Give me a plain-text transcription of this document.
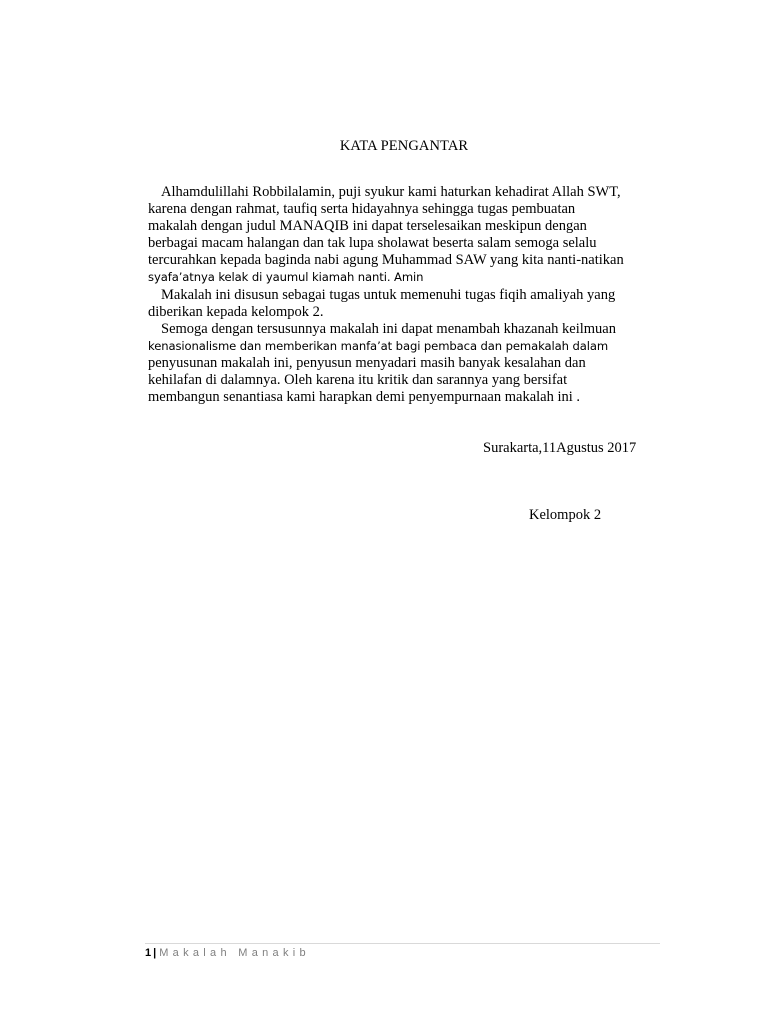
KATA PENGANTAR
Alhamdulillahi Robbilalamin, puji syukur kami haturkan kehadirat Allah SWT,
karena dengan rahmat, taufiq serta hidayahnya sehingga tugas pembuatan
makalah dengan judul MANAQIB ini dapat terselesaikan meskipun dengan
berbagai macam halangan dan tak lupa sholawat beserta salam semoga selalu
tercurahkan kepada baginda nabi agung Muhammad SAW yang kita nanti-natikan
syafa’atnya kelak di yaumul kiamah nanti. Amin
Makalah ini disusun sebagai tugas untuk memenuhi tugas fiqih amaliyah yang
diberikan kepada kelompok 2.
Semoga dengan tersusunnya makalah ini dapat menambah khazanah keilmuan
kenasionalisme dan memberikan manfa’at bagi pembaca dan pemakalah dalam
penyusunan makalah ini, penyusun menyadari masih banyak kesalahan dan
kehilafan di dalamnya. Oleh karena itu kritik dan sarannya yang bersifat
membangun senantiasa kami harapkan demi penyempurnaan makalah ini .
Surakarta,11Agustus 2017
Kelompok 2
1 | Makalah Manakib
